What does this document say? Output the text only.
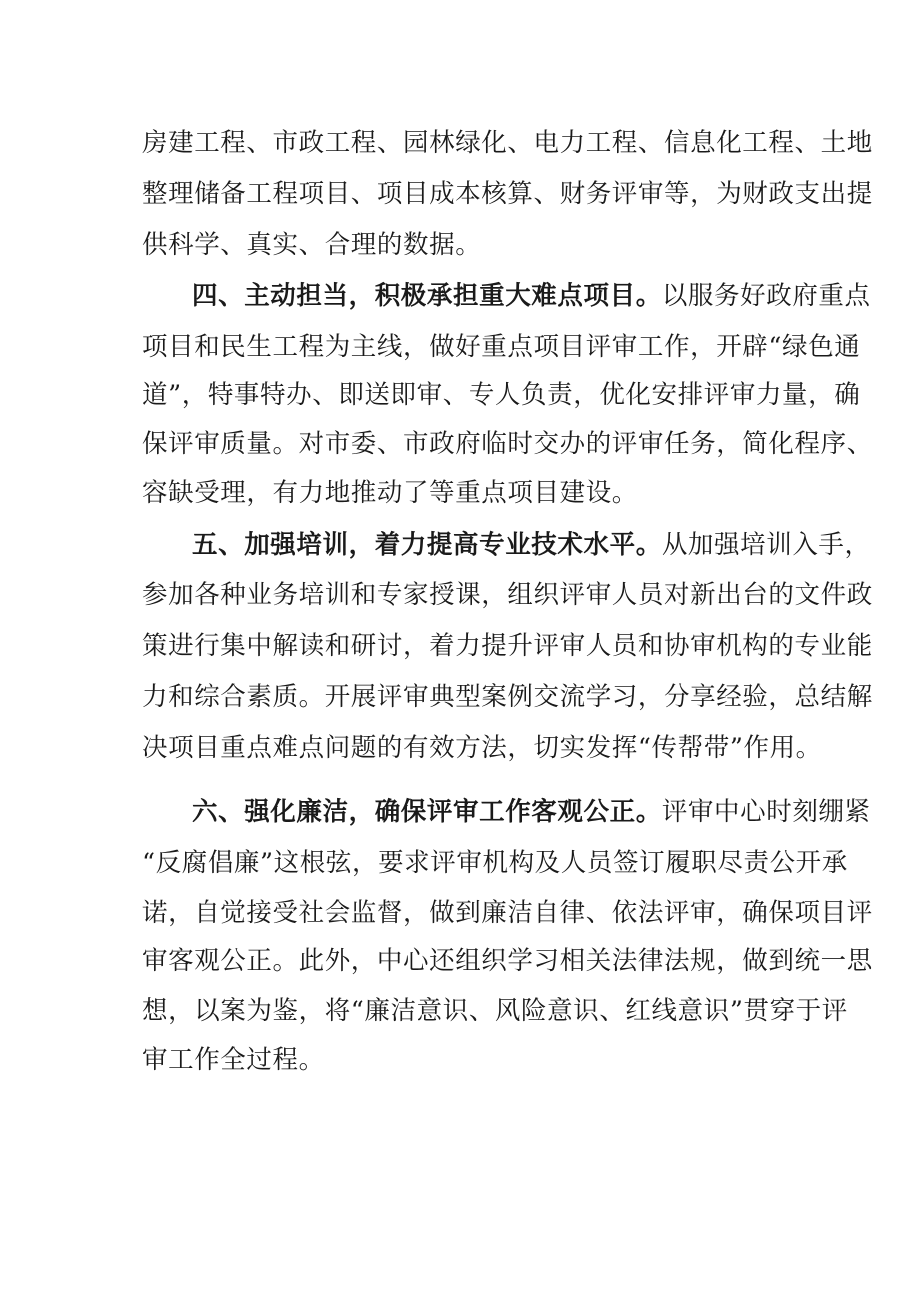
房建工程、市政工程、园林绿化、电力工程、信息化工程、土地
整理储备工程项目、项目成本核算、财务评审等，为财政支出提
供科学、真实、合理的数据。
四、主动担当，积极承担重大难点项目。以服务好政府重点
项目和民生工程为主线，做好重点项目评审工作，开辟“绿色通
道”，特事特办、即送即审、专人负责，优化安排评审力量，确
保评审质量。对市委、市政府临时交办的评审任务，简化程序、
容缺受理，有力地推动了等重点项目建设。
五、加强培训，着力提高专业技术水平。从加强培训入手，
参加各种业务培训和专家授课，组织评审人员对新出台的文件政
策进行集中解读和研讨，着力提升评审人员和协审机构的专业能
力和综合素质。开展评审典型案例交流学习，分享经验，总结解
决项目重点难点问题的有效方法，切实发挥“传帮带”作用。
六、强化廉洁，确保评审工作客观公正。评审中心时刻绷紧
“反腐倡廉”这根弦，要求评审机构及人员签订履职尽责公开承
诺，自觉接受社会监督，做到廉洁自律、依法评审，确保项目评
审客观公正。此外，中心还组织学习相关法律法规，做到统一思
想，以案为鉴，将“廉洁意识、风险意识、红线意识”贯穿于评
审工作全过程。
